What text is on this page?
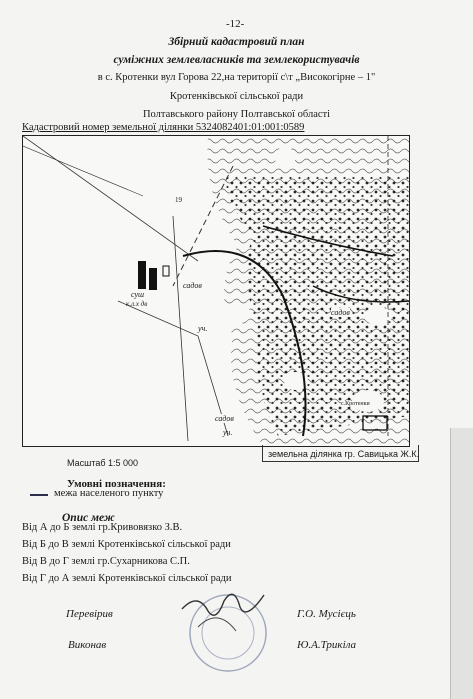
-12-
Збірний кадастровий план
суміжних землевласників та землекористувачів
в с. Кротенки вул Горова 22,на території с\т „Високогірне – 1"
Кротенківської сільської ради
Полтавського району Полтавської області
Кадастровий номер земельної ділянки 5324082401:01:001:0589
суш
к.л.х дв
садов
садов
садов
уч.
уч.
с.Кротенки
19
земельна ділянка гр. Савицька Ж.К.
Масштаб 1:5 000
Умовні позначення:
межа населеного пункту
Опис меж
Від А до Б землі гр.Кривовязко З.В.
Від Б до В землі Кротенківської сільської ради
Від В до Г землі гр.Сухарникова С.П.
Від Г до А землі Кротенківської сільської ради
Перевірив	Г.О. Мусієць
Виконав	Ю.А.Трикіла
